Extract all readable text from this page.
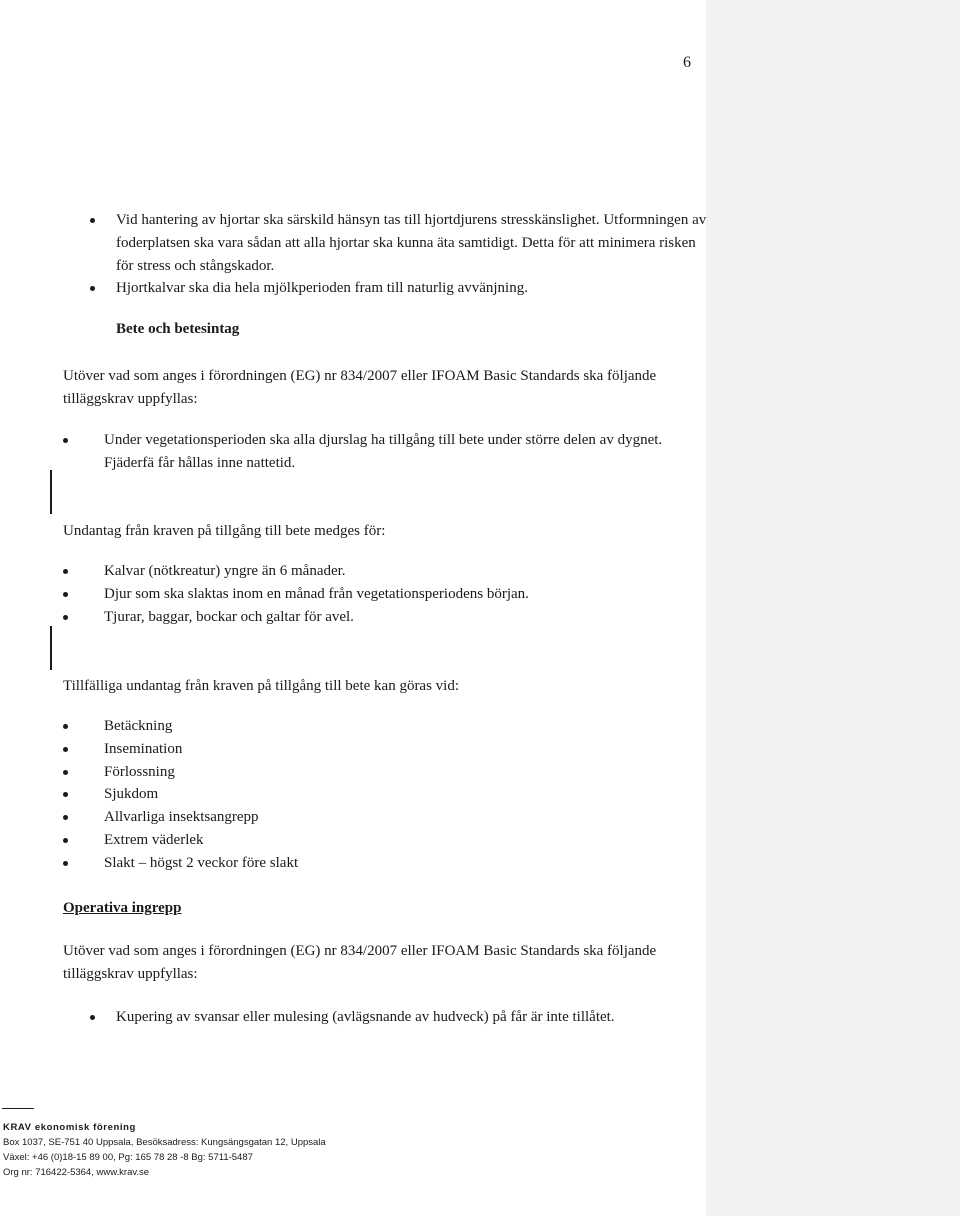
6
Vid hantering av hjortar ska särskild hänsyn tas till hjortdjurens stresskänslighet. Utformningen av foderplatsen ska vara sådan att alla hjortar ska kunna äta samtidigt. Detta för att minimera risken för stress och stångskador.
Hjortkalvar ska dia hela mjölkperioden fram till naturlig avvänjning.
Bete och betesintag
Utöver vad som anges i förordningen (EG) nr 834/2007 eller IFOAM Basic Standards ska följande tilläggskrav uppfyllas:
Under vegetationsperioden ska alla djurslag ha tillgång till bete under större delen av dygnet. Fjäderfä får hållas inne nattetid.
Undantag från kraven på tillgång till bete medges för:
Kalvar (nötkreatur) yngre än 6 månader.
Djur som ska slaktas inom en månad från vegetationsperiodens början.
Tjurar, baggar, bockar och galtar för avel.
Tillfälliga undantag från kraven på tillgång till bete kan göras vid:
Betäckning
Insemination
Förlossning
Sjukdom
Allvarliga insektsangrepp
Extrem väderlek
Slakt – högst 2 veckor före slakt
Operativa ingrepp
Utöver vad som anges i förordningen (EG) nr 834/2007 eller IFOAM Basic Standards ska följande tilläggskrav uppfyllas:
Kupering av svansar eller mulesing (avlägsnande av hudveck) på får är inte tillåtet.
KRAV ekonomisk förening
Box 1037, SE-751 40 Uppsala, Besöksadress: Kungsängsgatan 12, Uppsala
Växel: +46 (0)18-15 89 00, Pg: 165 78 28 -8 Bg: 5711-5487
Org nr: 716422-5364, www.krav.se
